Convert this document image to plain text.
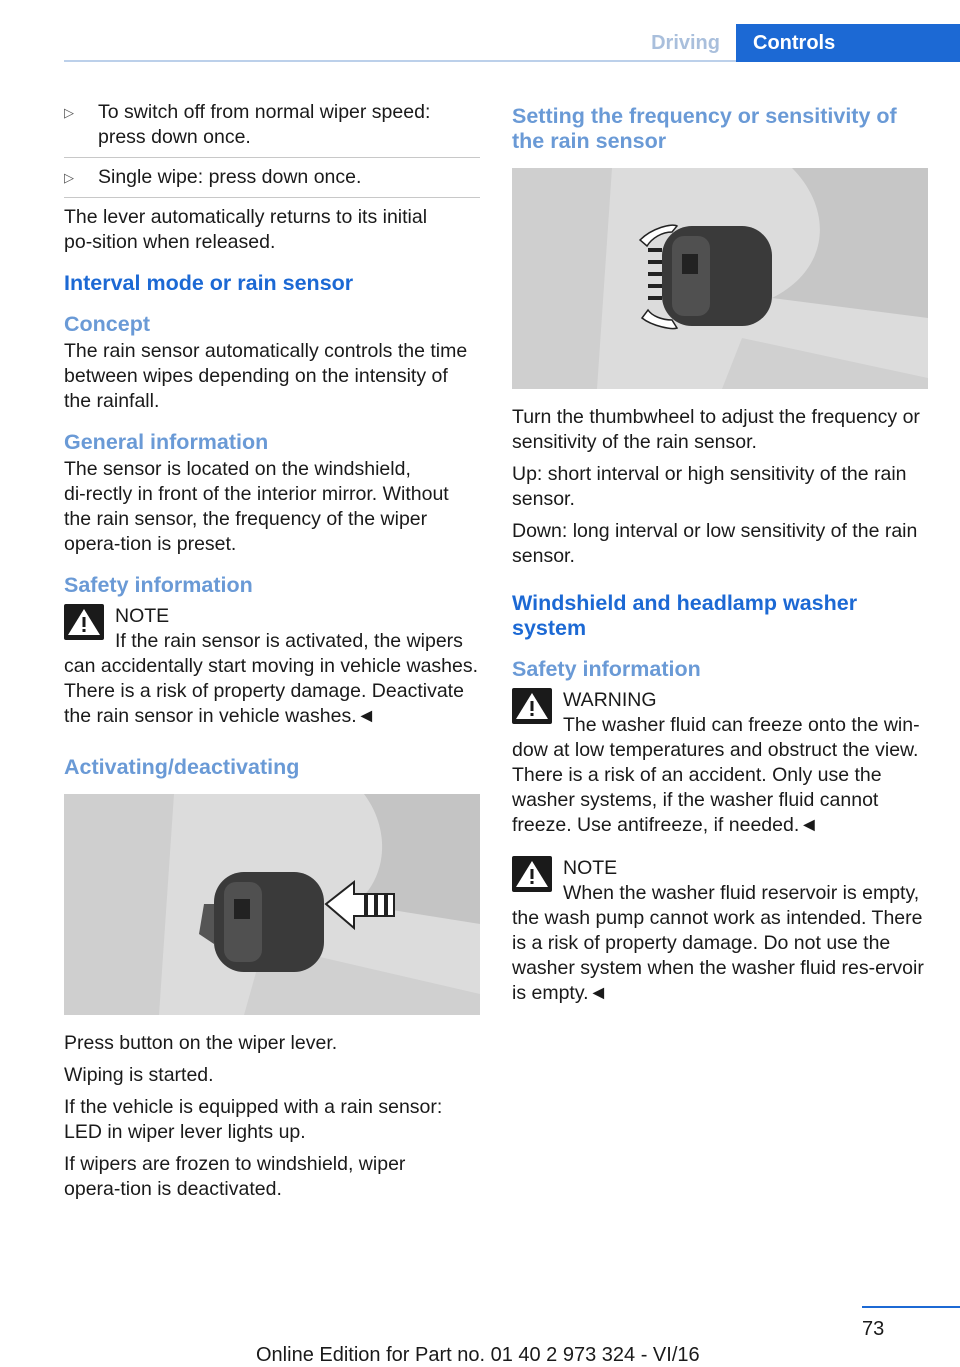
Driving	Controls
▷ To switch off from normal wiper speed: press down once.
▷ Single wipe: press down once.

The lever automatically returns to its initial po‑sition when released.

Interval mode or rain sensor
Concept

The rain sensor automatically controls the time between wipes depending on the intensity of the rainfall.

General information

The sensor is located on the windshield, di‑rectly in front of the interior mirror. Without the rain sensor, the frequency of the wiper opera‑tion is preset.

Safety information
NOTE
If the rain sensor is activated, the wipers
can accidentally start moving in vehicle washes. There is a risk of property damage. Deactivate the rain sensor in vehicle washes.◄
Activating/deactivating

Press button on the wiper lever.

Wiping is started.

If the vehicle is equipped with a rain sensor: LED in wiper lever lights up.

If wipers are frozen to windshield, wiper opera‑tion is deactivated.

Setting the frequency or sensitivity of the rain sensor

Turn the thumbwheel to adjust the frequency or sensitivity of the rain sensor.

Up: short interval or high sensitivity of the rain sensor.

Down: long interval or low sensitivity of the rain sensor.

Windshield and headlamp washer system
Safety information
WARNING
The washer fluid can freeze onto the win‑
dow at low temperatures and obstruct the view. There is a risk of an accident. Only use the washer systems, if the washer fluid cannot freeze. Use antifreeze, if needed.◄
NOTE
When the washer fluid reservoir is empty,
the wash pump cannot work as intended. There is a risk of property damage. Do not use the washer system when the washer fluid res‑ervoir is empty.◄
73
Online Edition for Part no. 01 40 2 973 324 - VI/16
